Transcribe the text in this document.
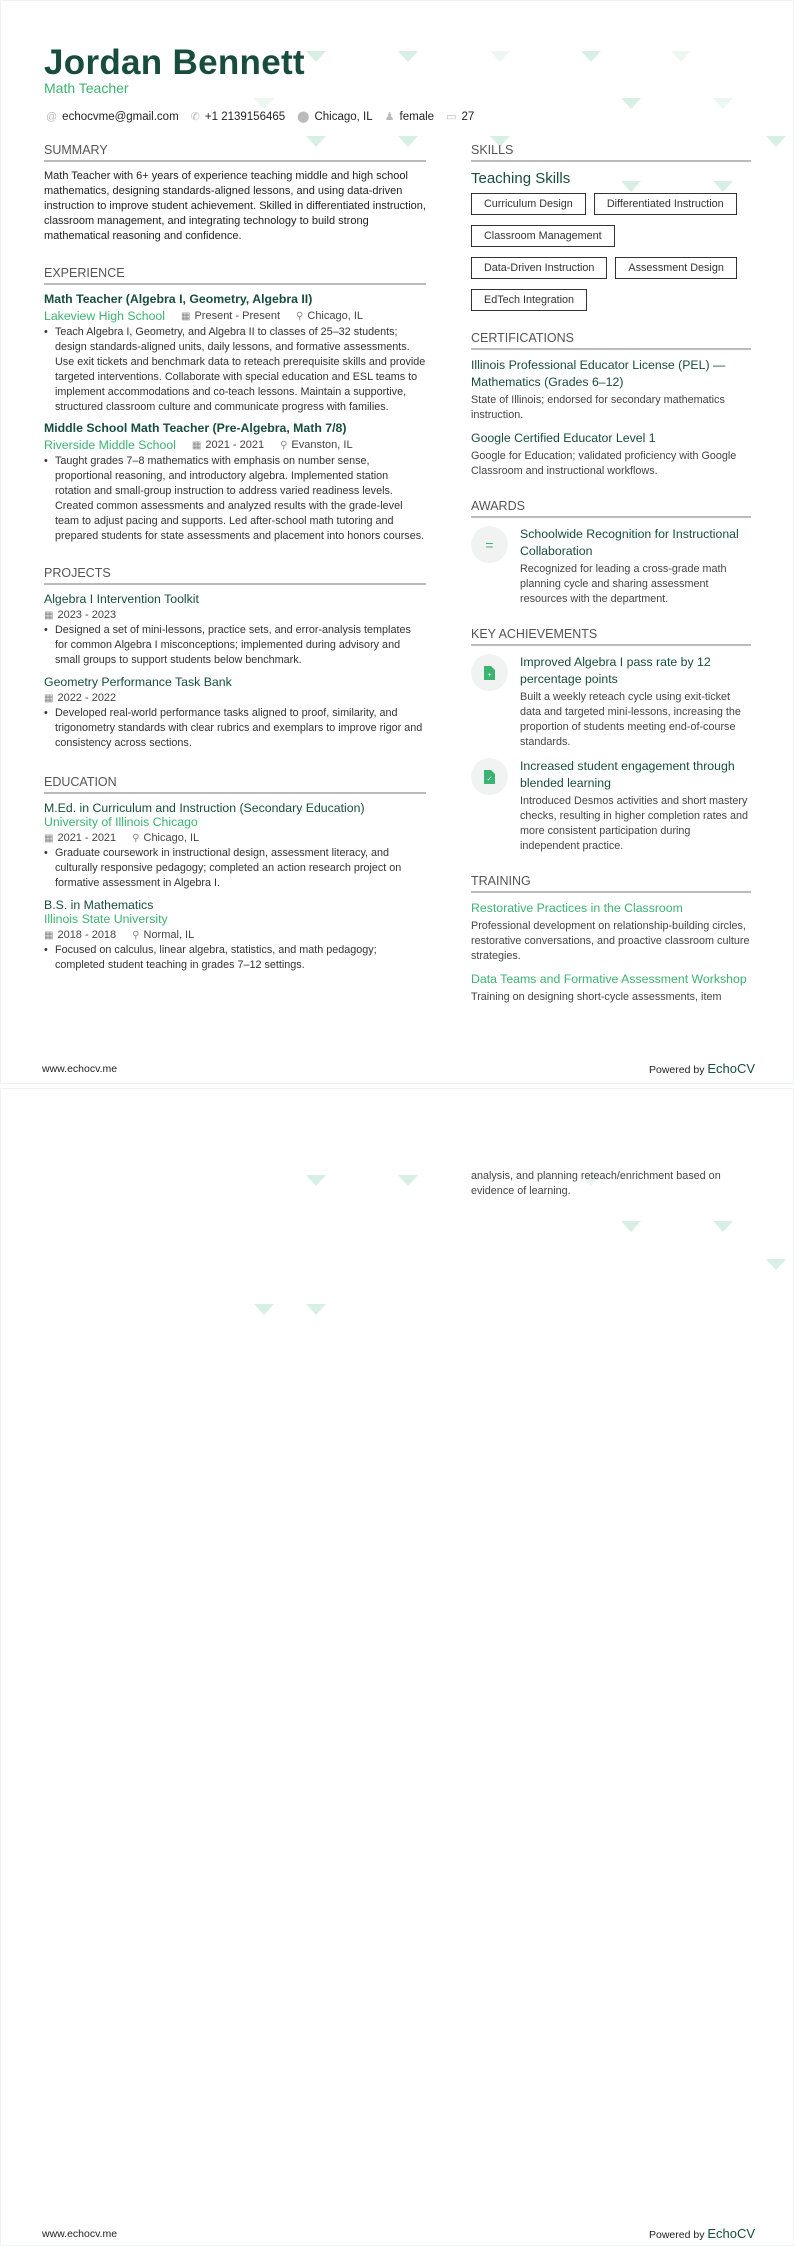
Jordan Bennett
Math Teacher
@ echocvme@gmail.com ✆ +1 2139156465 ⬤ Chicago, IL ♟ female ▭ 27
SUMMARY

Math Teacher with 6+ years of experience teaching middle and high school mathematics, designing standards-aligned lessons, and using data-driven instruction to improve student achievement. Skilled in differentiated instruction, classroom management, and integrating technology to build strong mathematical reasoning and confidence.

EXPERIENCE
Math Teacher (Algebra I, Geometry, Algebra II)
Lakeview High School ▦ Present - Present ⚲ Chicago, IL
• Teach Algebra I, Geometry, and Algebra II to classes of 25–32 students; design standards-aligned units, daily lessons, and formative assessments. Use exit tickets and benchmark data to reteach prerequisite skills and provide targeted interventions. Collaborate with special education and ESL teams to implement accommodations and co-teach lessons. Maintain a supportive, structured classroom culture and communicate progress with families.
Middle School Math Teacher (Pre-Algebra, Math 7/8)
Riverside Middle School ▦ 2021 - 2021 ⚲ Evanston, IL
• Taught grades 7–8 mathematics with emphasis on number sense, proportional reasoning, and introductory algebra. Implemented station rotation and small-group instruction to address varied readiness levels. Created common assessments and analyzed results with the grade-level team to adjust pacing and supports. Led after-school math tutoring and prepared students for state assessments and placement into honors courses.
PROJECTS
Algebra I Intervention Toolkit
▦ 2023 - 2023
• Designed a set of mini-lessons, practice sets, and error-analysis templates for common Algebra I misconceptions; implemented during advisory and small groups to support students below benchmark.
Geometry Performance Task Bank
▦ 2022 - 2022
• Developed real-world performance tasks aligned to proof, similarity, and trigonometry standards with clear rubrics and exemplars to improve rigor and consistency across sections.
EDUCATION
M.Ed. in Curriculum and Instruction (Secondary Education)
University of Illinois Chicago
▦ 2021 - 2021 ⚲ Chicago, IL
• Graduate coursework in instructional design, assessment literacy, and culturally responsive pedagogy; completed an action research project on formative assessment in Algebra I.
B.S. in Mathematics
Illinois State University
▦ 2018 - 2018 ⚲ Normal, IL
• Focused on calculus, linear algebra, statistics, and math pedagogy; completed student teaching in grades 7–12 settings.
SKILLS
Teaching Skills
Curriculum Design	Differentiated Instruction
Classroom Management
Data-Driven Instruction	Assessment Design
EdTech Integration
CERTIFICATIONS
Illinois Professional Educator License (PEL) — Mathematics (Grades 6–12)

State of Illinois; endorsed for secondary mathematics instruction.

Google Certified Educator Level 1

Google for Education; validated proficiency with Google Classroom and instructional workflows.

AWARDS
=
Schoolwide Recognition for Instructional Collaboration

Recognized for leading a cross-grade math planning cycle and sharing assessment resources with the department.

KEY ACHIEVEMENTS
+
Improved Algebra I pass rate by 12 percentage points

Built a weekly reteach cycle using exit-ticket data and targeted mini-lessons, increasing the proportion of students meeting end-of-course standards.

✓
Increased student engagement through blended learning

Introduced Desmos activities and short mastery checks, resulting in higher completion rates and more consistent participation during independent practice.

TRAINING
Restorative Practices in the Classroom

Professional development on relationship-building circles, restorative conversations, and proactive classroom culture strategies.

Data Teams and Formative Assessment Workshop

Training on designing short-cycle assessments, item

www.echocv.me	Powered by EchoCV

analysis, and planning reteach/enrichment based on evidence of learning.

www.echocv.me	Powered by EchoCV
